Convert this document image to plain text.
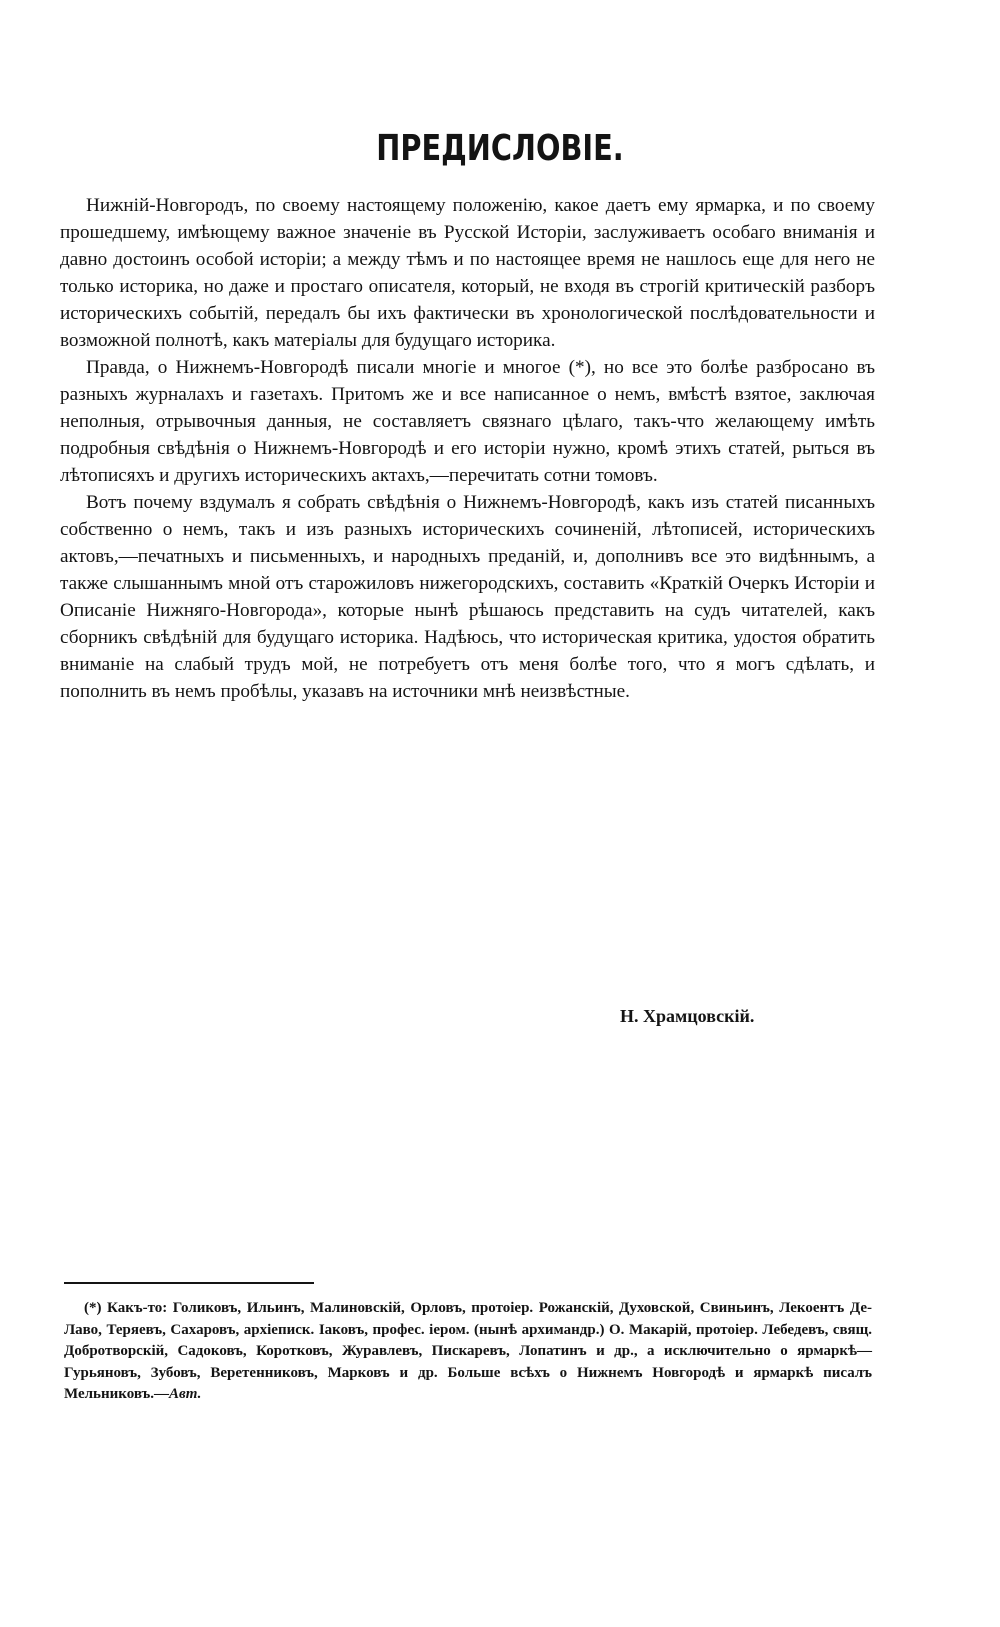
ПРЕДИСЛОВІЕ.

Нижній-Новгородъ, по своему настоящему положенію, какое даетъ ему ярмарка, и по своему прошедшему, имѣющему важное значеніе въ Русской Исторіи, заслуживаетъ особаго вниманія и давно достоинъ особой исторіи; а между тѣмъ и по настоящее время не нашлось еще для него не только историка, но даже и простаго описателя, который, не входя въ строгій критическій разборъ историческихъ событій, передалъ бы ихъ фактически въ хронологической послѣдовательности и возможной полнотѣ, какъ матеріалы для будущаго историка.

Правда, о Нижнемъ-Новгородѣ писали многіе и многое (*), но все это болѣе разбросано въ разныхъ журналахъ и газетахъ. Притомъ же и все написанное о немъ, вмѣстѣ взятое, заключая неполныя, отрывочныя данныя, не составляетъ связнаго цѣлаго, такъ-что желающему имѣть подробныя свѣдѣнія о Нижнемъ-Новгородѣ и его исторіи нужно, кромѣ этихъ статей, рыться въ лѣтописяхъ и другихъ историческихъ актахъ,—перечитать сотни томовъ.

Вотъ почему вздумалъ я собрать свѣдѣнія о Нижнемъ-Новгородѣ, какъ изъ статей писанныхъ собственно о немъ, такъ и изъ разныхъ историческихъ сочиненій, лѣтописей, историческихъ актовъ,—печатныхъ и письменныхъ, и народныхъ преданій, и, дополнивъ все это видѣннымъ, а также слышаннымъ мной отъ старожиловъ нижегородскихъ, составить «Краткій Очеркъ Исторіи и Описаніе Нижняго-Новгорода», которые нынѣ рѣшаюсь представить на судъ читателей, какъ сборникъ свѣдѣній для будущаго историка. Надѣюсь, что историческая критика, удостоя обратить вниманіе на слабый трудъ мой, не потребуетъ отъ меня болѣе того, что я могъ сдѣлать, и пополнить въ немъ пробѣлы, указавъ на источники мнѣ неизвѣстные.

Н. Храмцовскій.

(*) Какъ-то: Голиковъ, Ильинъ, Малиновскій, Орловъ, протоіер. Рожанскій, Духовской, Свиньинъ, Лекоентъ Де-Лаво, Теряевъ, Сахаровъ, архіеписк. Іаковъ, профес. іером. (нынѣ архимандр.) О. Макарій, протоіер. Лебедевъ, свящ. Добротворскій, Садоковъ, Коротковъ, Журавлевъ, Пискаревъ, Лопатинъ и др., а исключительно о ярмаркѣ—Гурьяновъ, Зубовъ, Веретенниковъ, Марковъ и др. Больше всѣхъ о Нижнемъ Новгородѣ и ярмаркѣ писалъ Мельниковъ.—Авт.
